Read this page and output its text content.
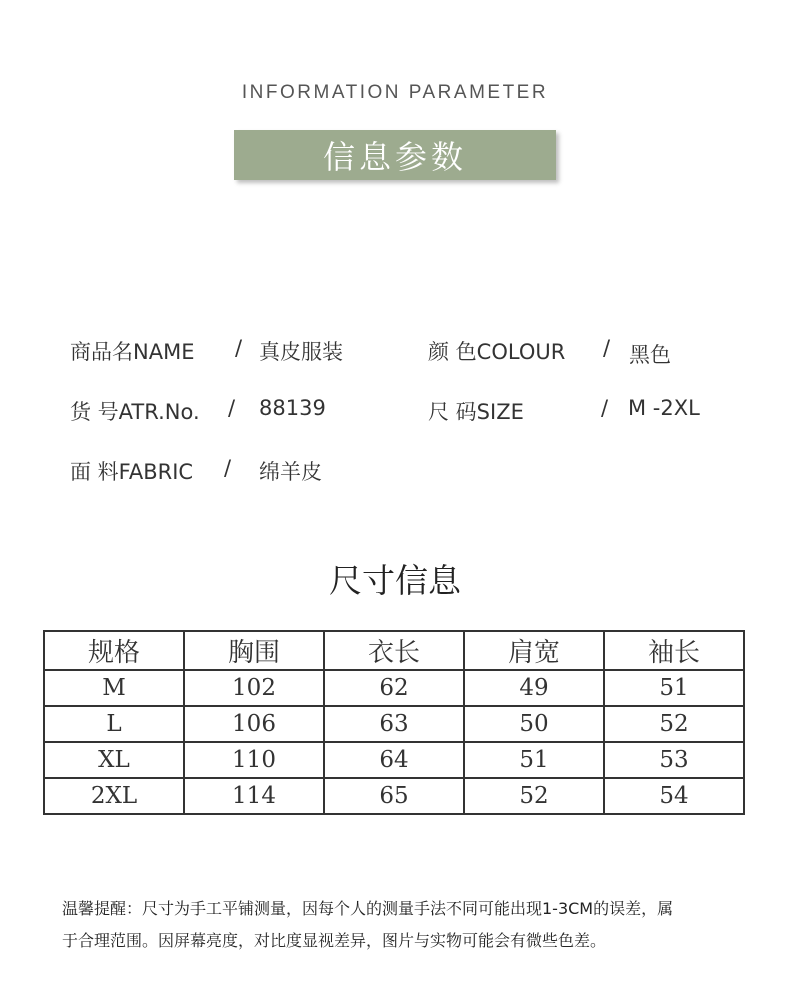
INFORMATION PARAMETER
信息参数
商品名NAME / 真皮服装	颜 色COLOUR / 黑色
货 号ATR.No. / 88139	尺 码SIZE	/ M -2XL
面 料FABRIC / 绵羊皮
尺寸信息
规格	胸围	衣长	肩宽	袖长
M	102	62	49	51
L	106	63	50	52
XL	110	64	51	53
2XL	114	65	52	54
温馨提醒：尺寸为手工平铺测量，因每个人的测量手法不同可能出现1-3CM的误差，属
于合理范围。因屏幕亮度，对比度显视差异，图片与实物可能会有微些色差。
